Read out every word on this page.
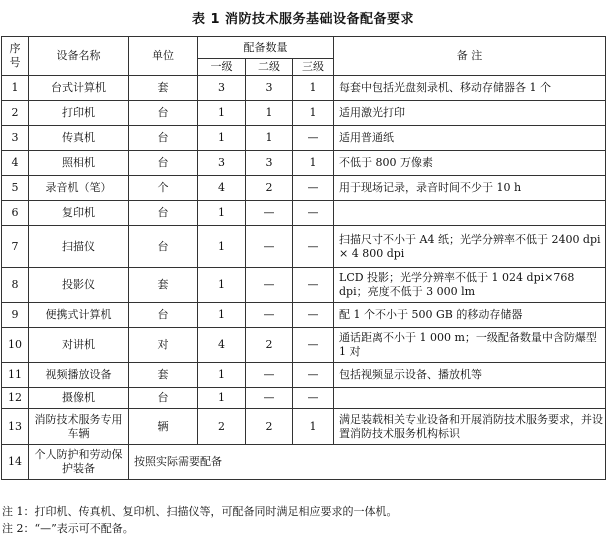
表 1 消防技术服务基础设备配备要求
序
号	设备名称	单位	配备数量			备 注
			一级	二级	三级	
1	台式计算机	套	3	3	1	每套中包括光盘刻录机、移动存储器各 1 个
2	打印机	台	1	1	1	适用激光打印
3	传真机	台	1	1	—	适用普通纸
4	照相机	台	3	3	1	不低于 800 万像素
5	录音机（笔）	个	4	2	—	用于现场记录，录音时间不少于 10 h
6	复印机	台	1	—	—	
7	扫描仪	台	1	—	—	扫描尺寸不小于 A4 纸；光学分辨率不低于 2400 dpi × 4 800 dpi
8	投影仪	套	1	—	—	LCD 投影；光学分辨率不低于 1 024 dpi×768 dpi；亮度不低于 3 000 lm
9	便携式计算机	台	1	—	—	配 1 个不小于 500 GB 的移动存储器
10	对讲机	对	4	2	—	通话距离不小于 1 000 m；一级配备数量中含防爆型 1 对
11	视频播放设备	套	1	—	—	包括视频显示设备、播放机等
12	摄像机	台	1	—	—	
13	消防技术服务专用车辆	辆	2	2	1	满足装载相关专业设备和开展消防技术服务要求，并设置消防技术服务机构标识
14	个人防护和劳动保护装备	按照实际需要配备				
注 1：打印机、传真机、复印机、扫描仪等，可配备同时满足相应要求的一体机。
注 2：“—”表示可不配备。
